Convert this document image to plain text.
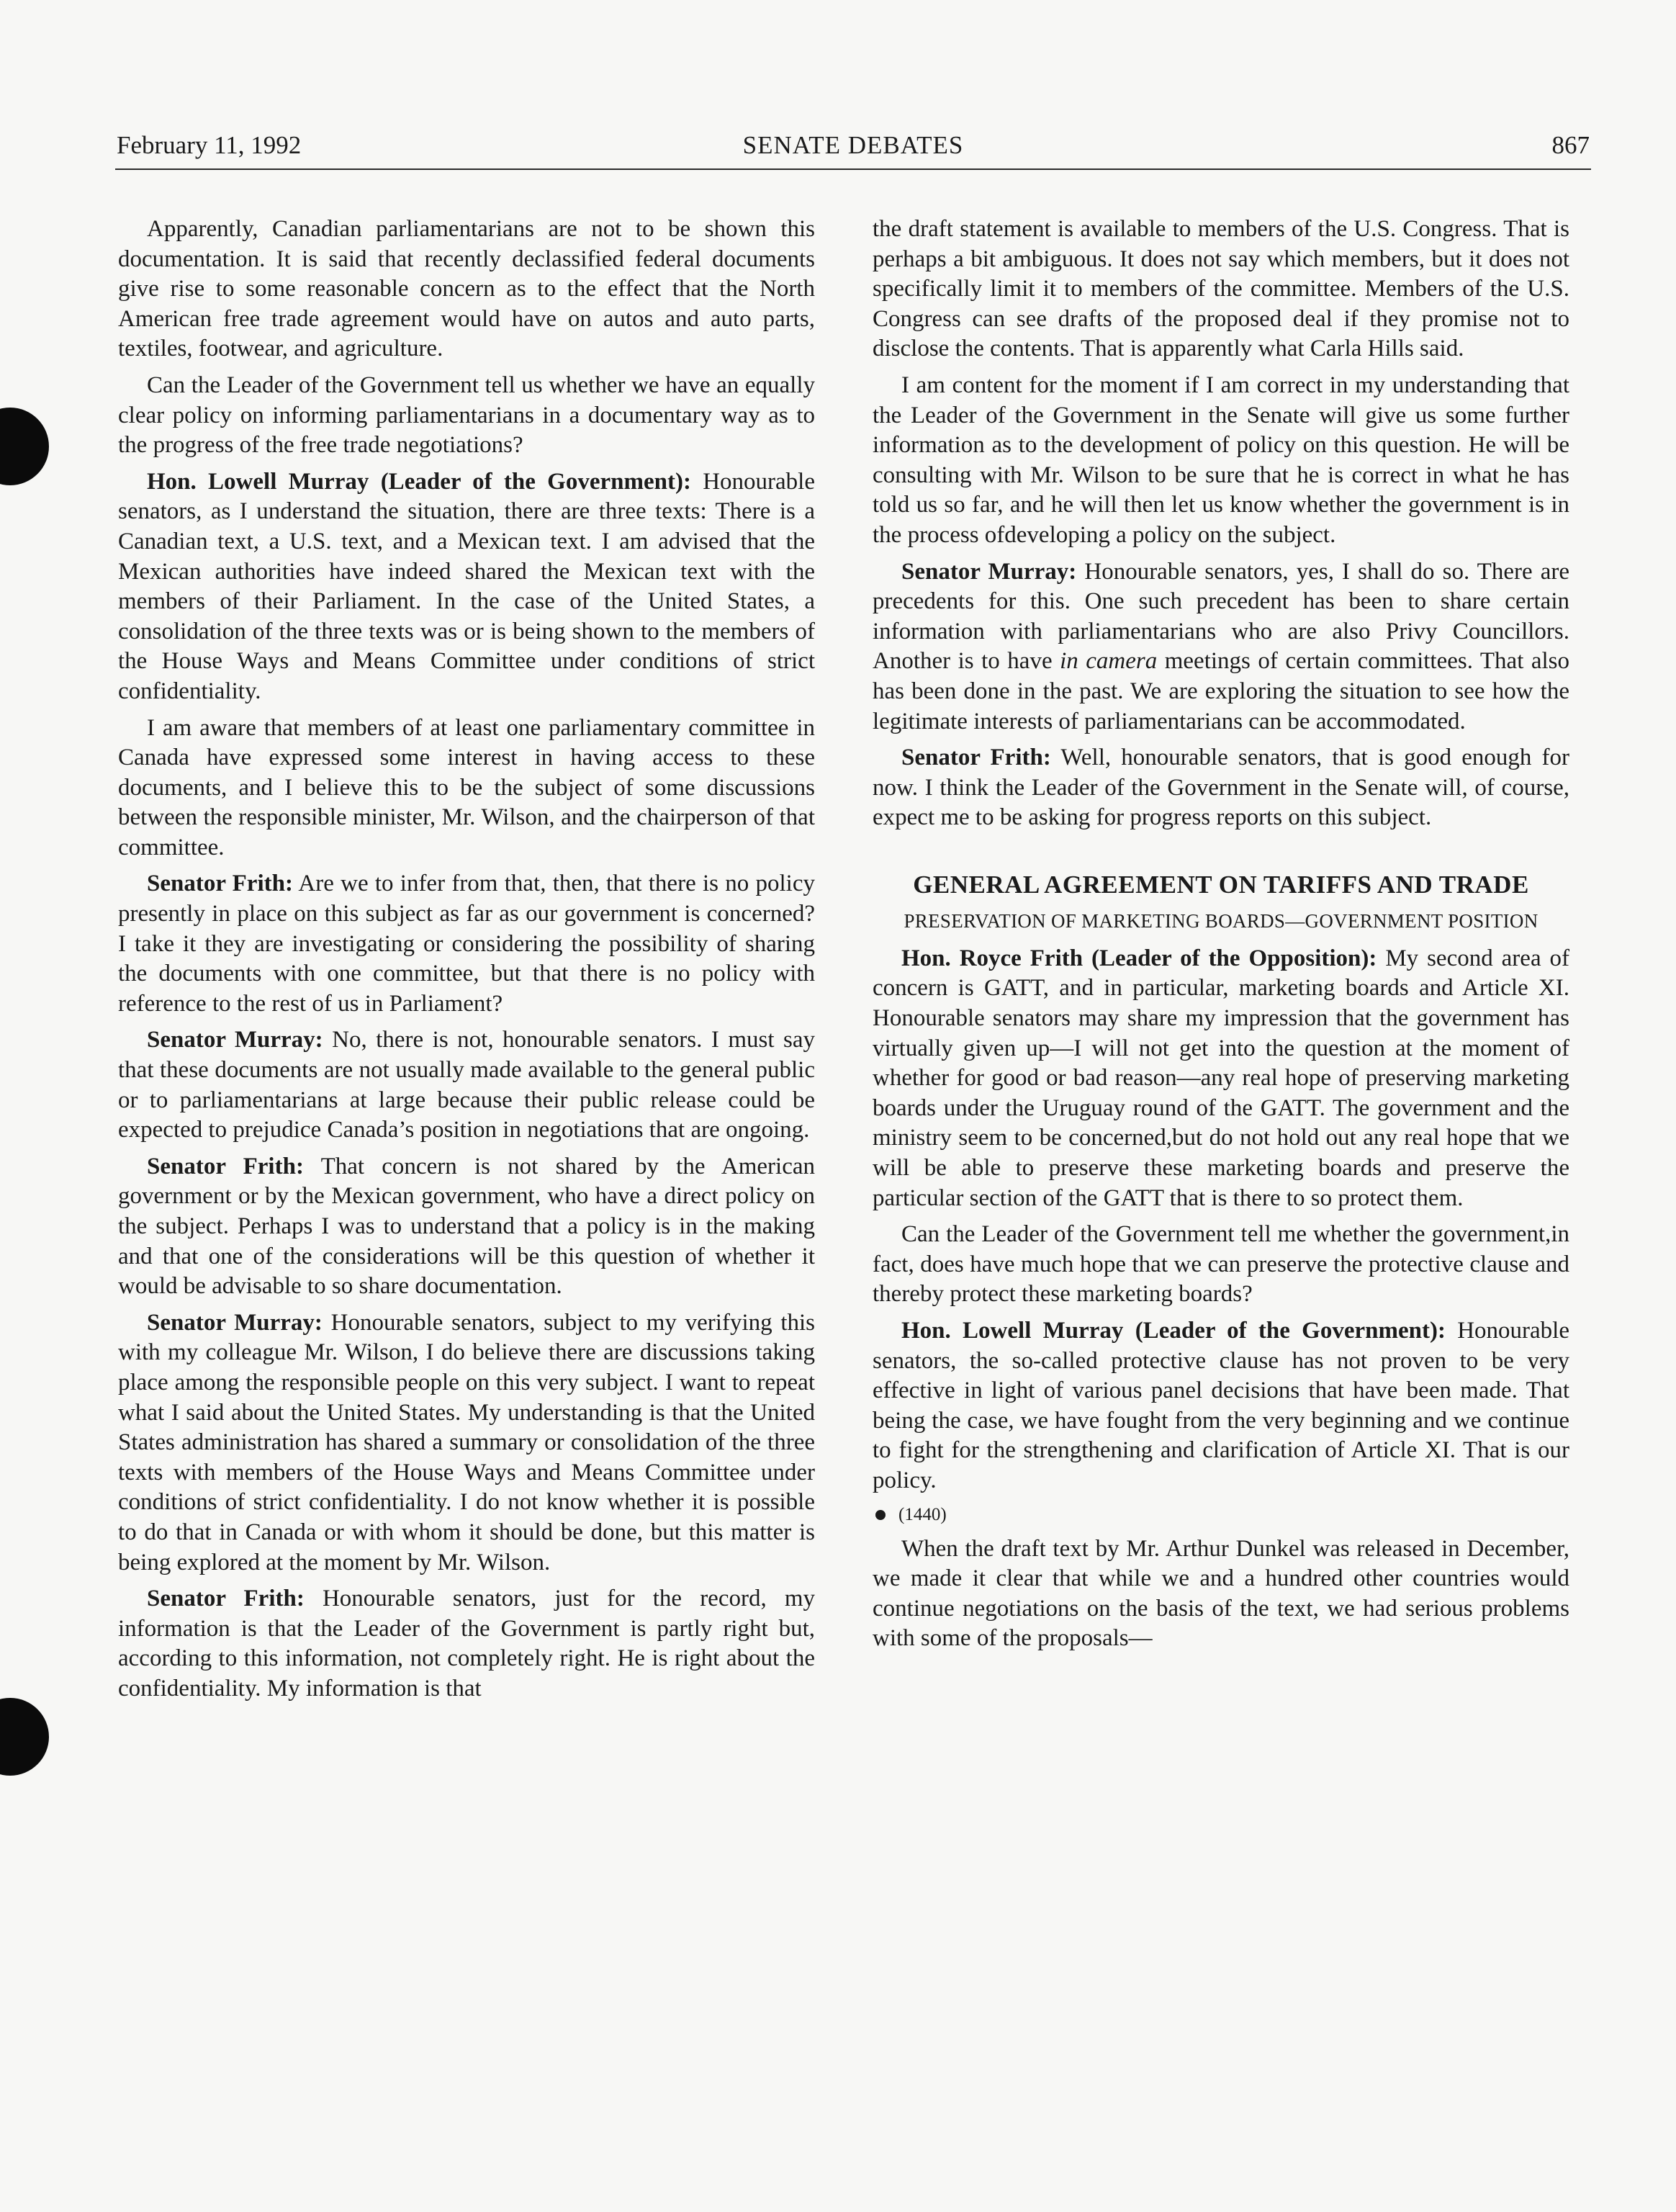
February 11, 1992	SENATE DEBATES	867

Apparently, Canadian parliamentarians are not to be shown this documentation. It is said that recently declassified federal documents give rise to some reasonable concern as to the effect that the North American free trade agreement would have on autos and auto parts, textiles, footwear, and agriculture.

Can the Leader of the Government tell us whether we have an equally clear policy on informing parliamentarians in a documentary way as to the progress of the free trade negotiations?

Hon. Lowell Murray (Leader of the Government): Honourable senators, as I understand the situation, there are three texts: There is a Canadian text, a U.S. text, and a Mexican text. I am advised that the Mexican authorities have indeed shared the Mexican text with the members of their Parliament. In the case of the United States, a consolidation of the three texts was or is being shown to the members of the House Ways and Means Committee under conditions of strict confidentiality.

I am aware that members of at least one parliamentary committee in Canada have expressed some interest in having access to these documents, and I believe this to be the subject of some discussions between the responsible minister, Mr. Wilson, and the chairperson of that committee.

Senator Frith: Are we to infer from that, then, that there is no policy presently in place on this subject as far as our government is concerned? I take it they are investigating or considering the possibility of sharing the documents with one committee, but that there is no policy with reference to the rest of us in Parliament?

Senator Murray: No, there is not, honourable senators. I must say that these documents are not usually made available to the general public or to parliamentarians at large because their public release could be expected to prejudice Canada’s position in negotiations that are ongoing.

Senator Frith: That concern is not shared by the American government or by the Mexican government, who have a direct policy on the subject. Perhaps I was to understand that a policy is in the making and that one of the considerations will be this question of whether it would be advisable to so share documentation.

Senator Murray: Honourable senators, subject to my verifying this with my colleague Mr. Wilson, I do believe there are discussions taking place among the responsible people on this very subject. I want to repeat what I said about the United States. My understanding is that the United States administration has shared a summary or consolidation of the three texts with members of the House Ways and Means Committee under conditions of strict confidentiality. I do not know whether it is possible to do that in Canada or with whom it should be done, but this matter is being explored at the moment by Mr. Wilson.

Senator Frith: Honourable senators, just for the record, my information is that the Leader of the Government is partly right but, according to this information, not completely right. He is right about the confidentiality. My information is that

the draft statement is available to members of the U.S. Congress. That is perhaps a bit ambiguous. It does not say which members, but it does not specifically limit it to members of the committee. Members of the U.S. Congress can see drafts of the proposed deal if they promise not to disclose the contents. That is apparently what Carla Hills said.

I am content for the moment if I am correct in my understanding that the Leader of the Government in the Senate will give us some further information as to the development of policy on this question. He will be consulting with Mr. Wilson to be sure that he is correct in what he has told us so far, and he will then let us know whether the government is in the process ofdeveloping a policy on the subject.

Senator Murray: Honourable senators, yes, I shall do so. There are precedents for this. One such precedent has been to share certain information with parliamentarians who are also Privy Councillors. Another is to have in camera meetings of certain committees. That also has been done in the past. We are exploring the situation to see how the legitimate interests of parliamentarians can be accommodated.

Senator Frith: Well, honourable senators, that is good enough for now. I think the Leader of the Government in the Senate will, of course, expect me to be asking for progress reports on this subject.

GENERAL AGREEMENT ON TARIFFS AND TRADE
PRESERVATION OF MARKETING BOARDS—GOVERNMENT POSITION

Hon. Royce Frith (Leader of the Opposition): My second area of concern is GATT, and in particular, marketing boards and Article XI. Honourable senators may share my impression that the government has virtually given up—I will not get into the question at the moment of whether for good or bad reason—any real hope of preserving marketing boards under the Uruguay round of the GATT. The government and the ministry seem to be concerned,but do not hold out any real hope that we will be able to preserve these marketing boards and preserve the particular section of the GATT that is there to so protect them.

Can the Leader of the Government tell me whether the government,in fact, does have much hope that we can preserve the protective clause and thereby protect these marketing boards?

Hon. Lowell Murray (Leader of the Government): Honourable senators, the so-called protective clause has not proven to be very effective in light of various panel decisions that have been made. That being the case, we have fought from the very beginning and we continue to fight for the strengthening and clarification of Article XI. That is our policy.

(1440)

When the draft text by Mr. Arthur Dunkel was released in December, we made it clear that while we and a hundred other countries would continue negotiations on the basis of the text, we had serious problems with some of the proposals—
